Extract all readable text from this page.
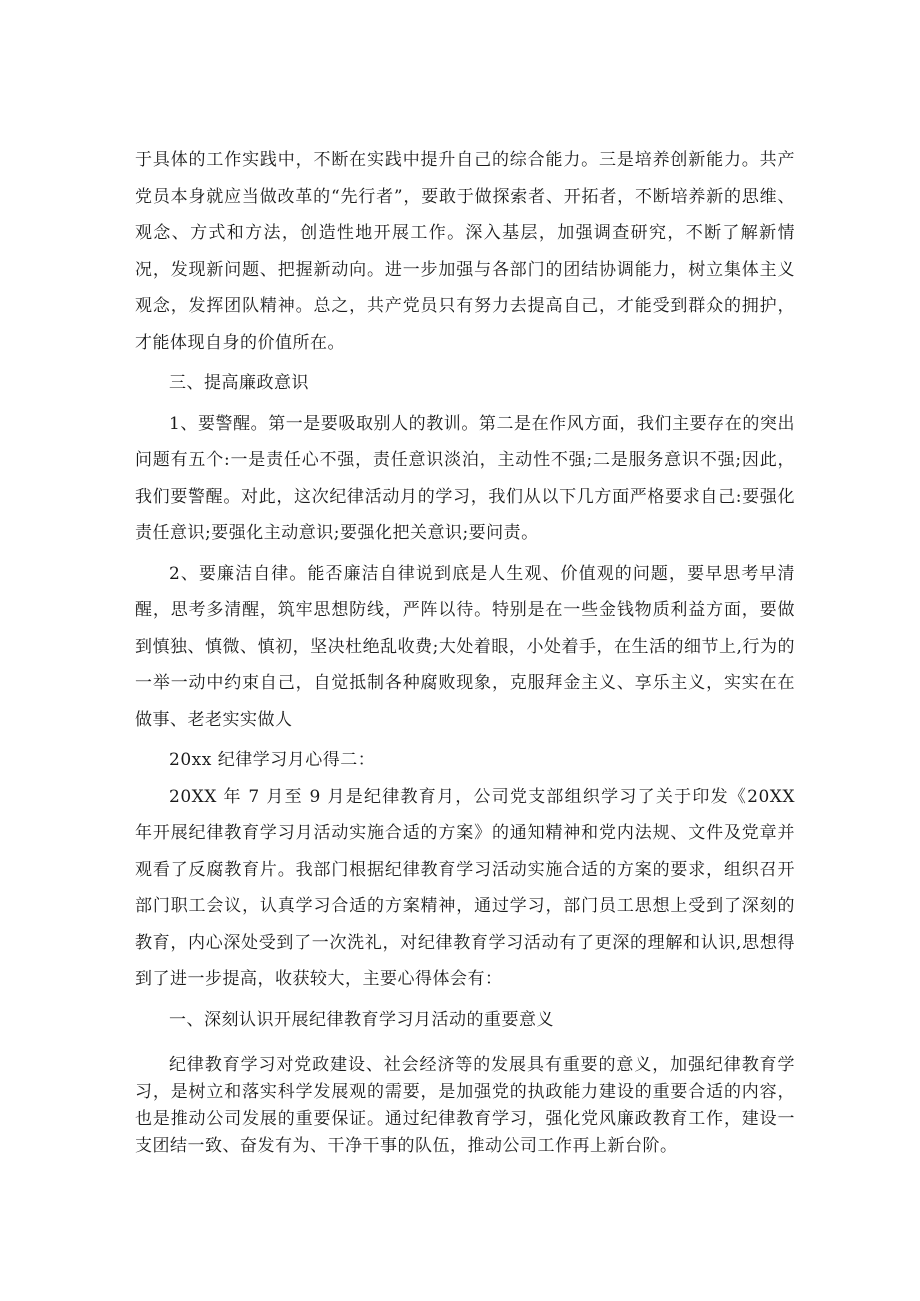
于具体的工作实践中，不断在实践中提升自己的综合能力。三是培养创新能力。共产党员本身就应当做改革的“先行者”，要敢于做探索者、开拓者，不断培养新的思维、观念、方式和方法，创造性地开展工作。深入基层，加强调查研究，不断了解新情况，发现新问题、把握新动向。进一步加强与各部门的团结协调能力，树立集体主义观念，发挥团队精神。总之，共产党员只有努力去提高自己，才能受到群众的拥护，才能体现自身的价值所在。

三、提高廉政意识

1、要警醒。第一是要吸取别人的教训。第二是在作风方面，我们主要存在的突出问题有五个:一是责任心不强，责任意识淡泊，主动性不强;二是服务意识不强;因此，我们要警醒。对此，这次纪律活动月的学习，我们从以下几方面严格要求自己:要强化责任意识;要强化主动意识;要强化把关意识;要问责。

2、要廉洁自律。能否廉洁自律说到底是人生观、价值观的问题，要早思考早清醒，思考多清醒，筑牢思想防线，严阵以待。特别是在一些金钱物质利益方面，要做到慎独、慎微、慎初，坚决杜绝乱收费;大处着眼，小处着手，在生活的细节上,行为的一举一动中约束自己，自觉抵制各种腐败现象，克服拜金主义、享乐主义，实实在在做事、老老实实做人

20xx 纪律学习月心得二：

20XX 年 7 月至 9 月是纪律教育月，公司党支部组织学习了关于印发《20XX 年开展纪律教育学习月活动实施合适的方案》的通知精神和党内法规、文件及党章并观看了反腐教育片。我部门根据纪律教育学习活动实施合适的方案的要求，组织召开部门职工会议，认真学习合适的方案精神，通过学习，部门员工思想上受到了深刻的教育，内心深处受到了一次洗礼，对纪律教育学习活动有了更深的理解和认识,思想得到了进一步提高，收获较大，主要心得体会有：

一、深刻认识开展纪律教育学习月活动的重要意义

纪律教育学习对党政建设、社会经济等的发展具有重要的意义，加强纪律教育学习，是树立和落实科学发展观的需要，是加强党的执政能力建设的重要合适的内容，也是推动公司发展的重要保证。通过纪律教育学习，强化党风廉政教育工作，建设一支团结一致、奋发有为、干净干事的队伍，推动公司工作再上新台阶。
